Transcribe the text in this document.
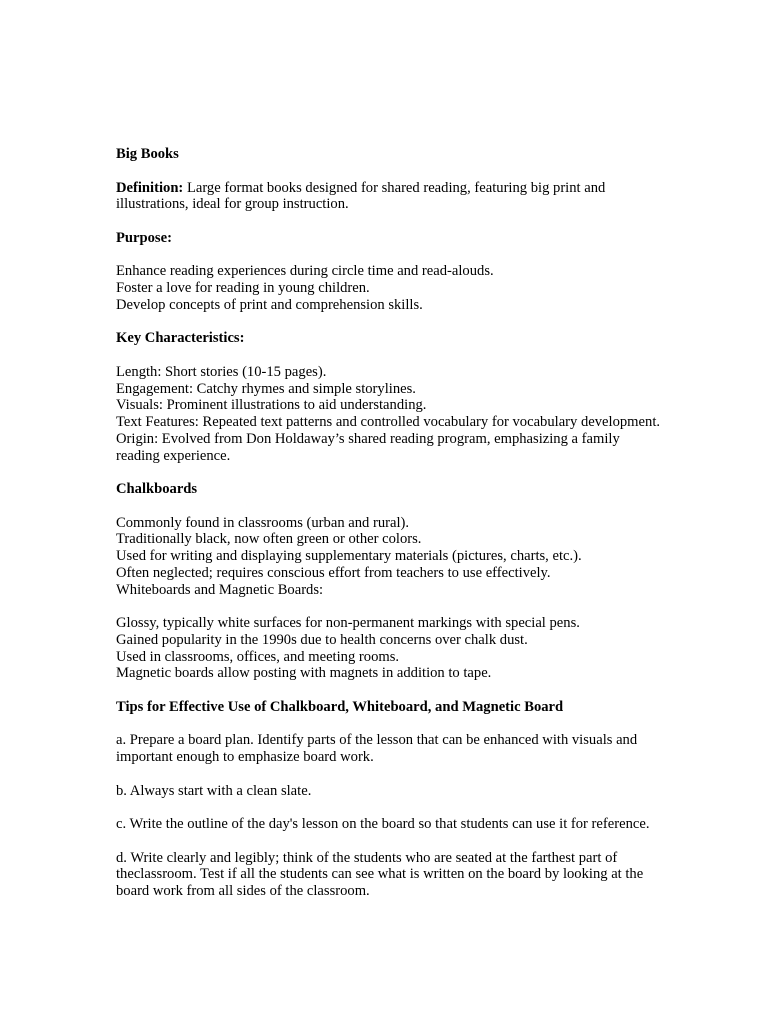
Big Books
Definition: Large format books designed for shared reading, featuring big print and illustrations, ideal for group instruction.
Purpose:
Enhance reading experiences during circle time and read-alouds.
Foster a love for reading in young children.
Develop concepts of print and comprehension skills.
Key Characteristics:
Length: Short stories (10-15 pages).
Engagement: Catchy rhymes and simple storylines.
Visuals: Prominent illustrations to aid understanding.
Text Features: Repeated text patterns and controlled vocabulary for vocabulary development.
Origin: Evolved from Don Holdaway’s shared reading program, emphasizing a family reading experience.
Chalkboards
Commonly found in classrooms (urban and rural).
Traditionally black, now often green or other colors.
Used for writing and displaying supplementary materials (pictures, charts, etc.).
Often neglected; requires conscious effort from teachers to use effectively.
Whiteboards and Magnetic Boards:
Glossy, typically white surfaces for non-permanent markings with special pens.
Gained popularity in the 1990s due to health concerns over chalk dust.
Used in classrooms, offices, and meeting rooms.
Magnetic boards allow posting with magnets in addition to tape.
Tips for Effective Use of Chalkboard, Whiteboard, and Magnetic Board
a. Prepare a board plan. Identify parts of the lesson that can be enhanced with visuals and important enough to emphasize board work.
b. Always start with a clean slate.
c. Write the outline of the day's lesson on the board so that students can use it for reference.
d. Write clearly and legibly; think of the students who are seated at the farthest part of theclassroom. Test if all the students can see what is written on the board by looking at the board work from all sides of the classroom.
